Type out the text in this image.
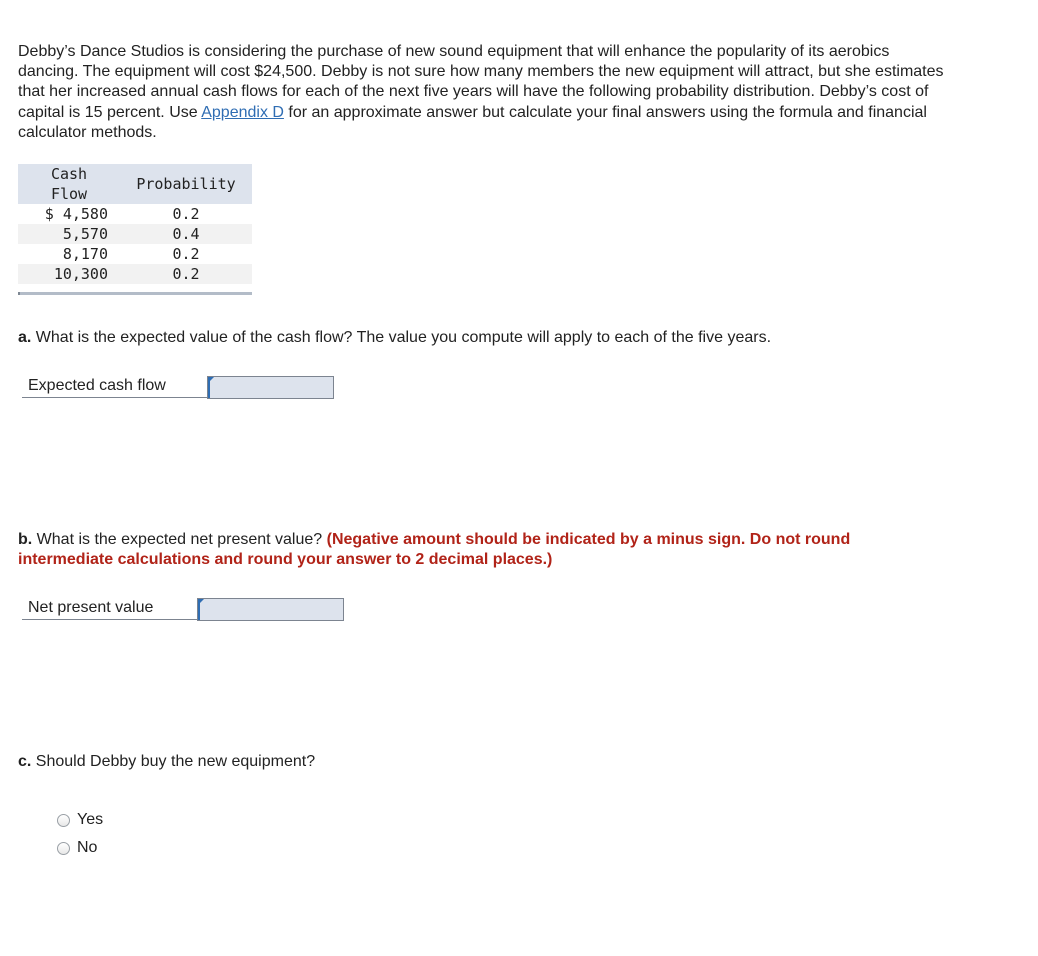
Debby’s Dance Studios is considering the purchase of new sound equipment that will enhance the popularity of its aerobics dancing. The equipment will cost $24,500. Debby is not sure how many members the new equipment will attract, but she estimates that her increased annual cash flows for each of the next five years will have the following probability distribution. Debby’s cost of capital is 15 percent. Use Appendix D for an approximate answer but calculate your final answers using the formula and financial calculator methods.
Cash
Flow	Probability
$ 4,580	0.2
5,570	0.4
8,170	0.2
10,300	0.2
a. What is the expected value of the cash flow? The value you compute will apply to each of the five years.
Expected cash flow
b. What is the expected net present value? (Negative amount should be indicated by a minus sign. Do not round intermediate calculations and round your answer to 2 decimal places.)
Net present value
c. Should Debby buy the new equipment?
Yes
No
